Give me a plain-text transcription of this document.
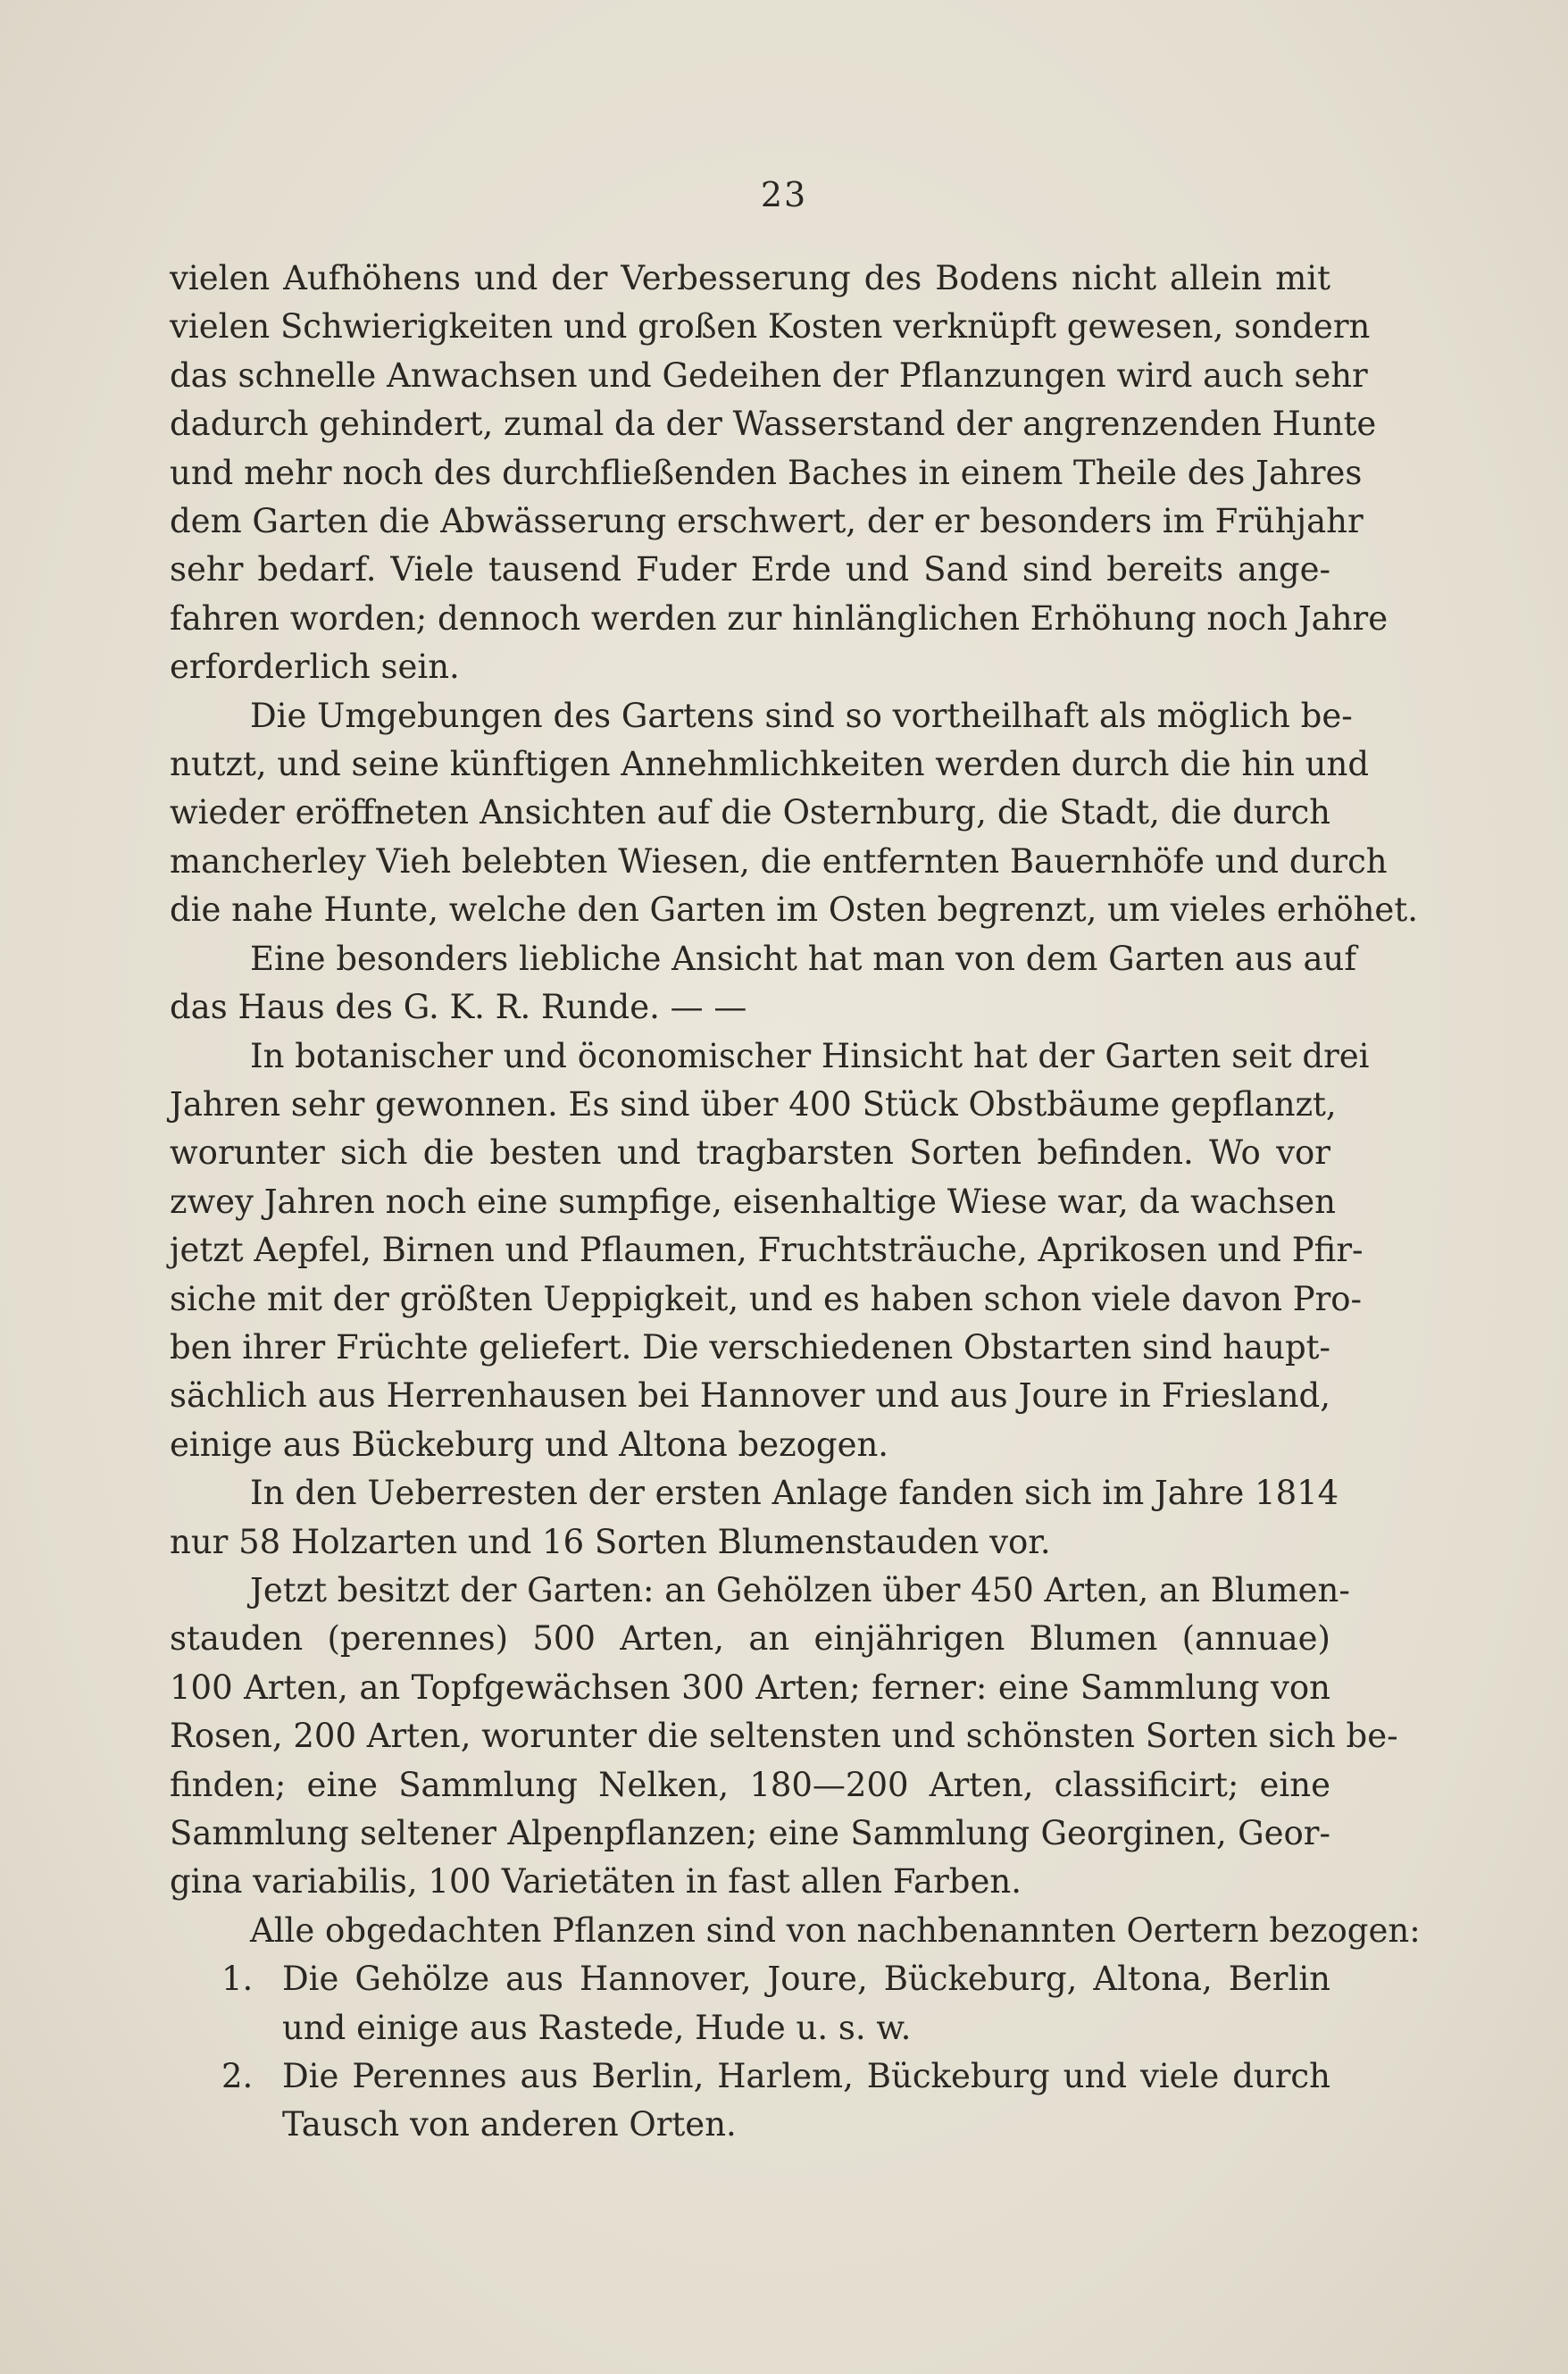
23
vielen Aufhöhens und der Verbesserung des Bodens nicht allein mit
vielen Schwierigkeiten und großen Kosten verknüpft gewesen, sondern
das schnelle Anwachsen und Gedeihen der Pflanzungen wird auch sehr
dadurch gehindert, zumal da der Wasserstand der angrenzenden Hunte
und mehr noch des durchfließenden Baches in einem Theile des Jahres
dem Garten die Abwässerung erschwert, der er besonders im Frühjahr
sehr bedarf. Viele tausend Fuder Erde und Sand sind bereits ange-
fahren worden; dennoch werden zur hinlänglichen Erhöhung noch Jahre
erforderlich sein.
Die Umgebungen des Gartens sind so vortheilhaft als möglich be-
nutzt, und seine künftigen Annehmlichkeiten werden durch die hin und
wieder eröffneten Ansichten auf die Osternburg, die Stadt, die durch
mancherley Vieh belebten Wiesen, die entfernten Bauernhöfe und durch
die nahe Hunte, welche den Garten im Osten begrenzt, um vieles erhöhet.
Eine besonders liebliche Ansicht hat man von dem Garten aus auf
das Haus des G. K. R. Runde. — —
In botanischer und öconomischer Hinsicht hat der Garten seit drei
Jahren sehr gewonnen. Es sind über 400 Stück Obstbäume gepflanzt,
worunter sich die besten und tragbarsten Sorten befinden. Wo vor
zwey Jahren noch eine sumpfige, eisenhaltige Wiese war, da wachsen
jetzt Aepfel, Birnen und Pflaumen, Fruchtsträuche, Aprikosen und Pfir-
siche mit der größten Ueppigkeit, und es haben schon viele davon Pro-
ben ihrer Früchte geliefert. Die verschiedenen Obstarten sind haupt-
sächlich aus Herrenhausen bei Hannover und aus Joure in Friesland,
einige aus Bückeburg und Altona bezogen.
In den Ueberresten der ersten Anlage fanden sich im Jahre 1814
nur 58 Holzarten und 16 Sorten Blumenstauden vor.
Jetzt besitzt der Garten: an Gehölzen über 450 Arten, an Blumen-
stauden (perennes) 500 Arten, an einjährigen Blumen (annuae)
100 Arten, an Topfgewächsen 300 Arten; ferner: eine Sammlung von
Rosen, 200 Arten, worunter die seltensten und schönsten Sorten sich be-
finden; eine Sammlung Nelken, 180—200 Arten, classificirt; eine
Sammlung seltener Alpenpflanzen; eine Sammlung Georginen, Geor-
gina variabilis, 100 Varietäten in fast allen Farben.
Alle obgedachten Pflanzen sind von nachbenannten Oertern bezogen:
1. Die Gehölze aus Hannover, Joure, Bückeburg, Altona, Berlin
und einige aus Rastede, Hude u. s. w.
2. Die Perennes aus Berlin, Harlem, Bückeburg und viele durch
Tausch von anderen Orten.
